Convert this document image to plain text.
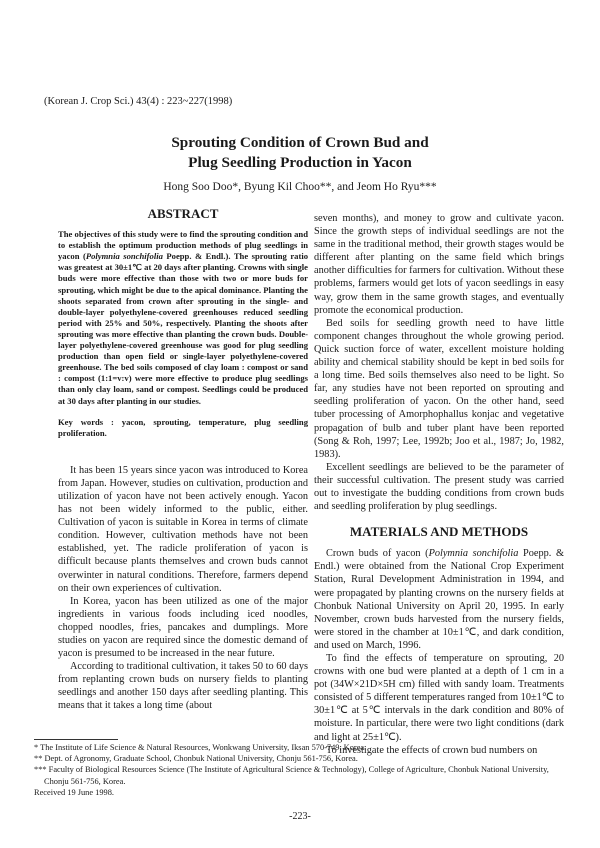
(Korean J. Crop Sci.) 43(4) : 223~227(1998)
Sprouting Condition of Crown Bud and
Plug Seedling Production in Yacon
Hong Soo Doo*, Byung Kil Choo**, and Jeom Ho Ryu***
ABSTRACT

The objectives of this study were to find the sprouting condition and to establish the optimum production methods of plug seedlings in yacon (Polymnia sonchifolia Poepp. & Endl.). The sprouting ratio was greatest at 30±1℃ at 20 days after planting. Crowns with single buds were more effective than those with two or more buds for sprouting, which might be due to the apical dominance. Planting the shoots separated from crown after sprouting in the single- and double-layer polyethylene-covered greenhouses reduced seedling period with 25% and 50%, respectively. Planting the shoots after sprouting was more effective than planting the crown buds. Double-layer polyethylene-covered greenhouse was good for plug seedling production than open field or single-layer polyethylene-covered greenhouse. The bed soils composed of clay loam : compost or sand : compost (1:1=v:v) were more effective to produce plug seedlings than only clay loam, sand or compost. Seedlings could be produced at 30 days after planting in our studies.

Key words : yacon, sprouting, temperature, plug seedling proliferation.

It has been 15 years since yacon was introduced to Korea from Japan. However, studies on cultivation, production and utilization of yacon have not been actively enough. Yacon has not been widely informed to the public, either. Cultivation of yacon is suitable in Korea in terms of climate condition. However, cultivation methods have not been established, yet. The radicle proliferation of yacon is difficult because plants themselves and crown buds cannot overwinter in natural conditions. Therefore, farmers depend on their own experiences of cultivation.

In Korea, yacon has been utilized as one of the major ingredients in various foods including iced noodles, chopped noodles, fries, pancakes and dumplings. More studies on yacon are required since the domestic demand of yacon is presumed to be increased in the near future.

According to traditional cultivation, it takes 50 to 60 days from replanting crown buds on nursery fields to planting seedlings and another 150 days after seedling planting. This means that it takes a long time (about

seven months), and money to grow and cultivate yacon. Since the growth steps of individual seedlings are not the same in the traditional method, their growth stages would be different after planting on the same field which brings another difficulties for farmers for cultivation. Without these problems, farmers would get lots of yacon seedlings in easy way, grow them in the same growth stages, and eventually promote the economical production.

Bed soils for seedling growth need to have little component changes throughout the whole growing period. Quick suction force of water, excellent moisture holding ability and chemical stability should be kept in bed soils for a long time. Bed soils themselves also need to be light. So far, any studies have not been reported on sprouting and seedling proliferation of yacon. On the other hand, seed tuber processing of Amorphophallus konjac and vegetative propagation of bulb and tuber plant have been reported (Song & Roh, 1997; Lee, 1992b; Joo et al., 1987; Jo, 1982, 1983).

Excellent seedlings are believed to be the parameter of their successful cultivation. The present study was carried out to investigate the budding conditions from crown buds and seedling proliferation by plug seedlings.

MATERIALS AND METHODS

Crown buds of yacon (Polymnia sonchifolia Poepp. & Endl.) were obtained from the National Crop Experiment Station, Rural Development Administration in 1994, and were propagated by planting crowns on the nursery fields at Chonbuk National University on April 20, 1995. In early November, crown buds harvested from the nursery fields, were stored in the chamber at 10±1℃, and dark condition, and used on March, 1996.

To find the effects of temperature on sprouting, 20 crowns with one bud were planted at a depth of 1 cm in a pot (34W×21D×5H cm) filled with sandy loam. Treatments consisted of 5 different temperatures ranged from 10±1℃ to 30±1℃ at 5℃ intervals in the dark condition and 80% of moisture. In particular, there were two light conditions (dark and light at 25±1℃).

To investigate the effects of crown bud numbers on

* The Institute of Life Science & Natural Resources, Wonkwang University, Iksan 570-749, Korea.
** Dept. of Agronomy, Graduate School, Chonbuk National University, Chonju 561-756, Korea.
*** Faculty of Biological Resources Science (The Institute of Agricultural Science & Technology), College of Agriculture, Chonbuk National University, Chonju 561-756, Korea.
Received 19 June 1998.
-223-
